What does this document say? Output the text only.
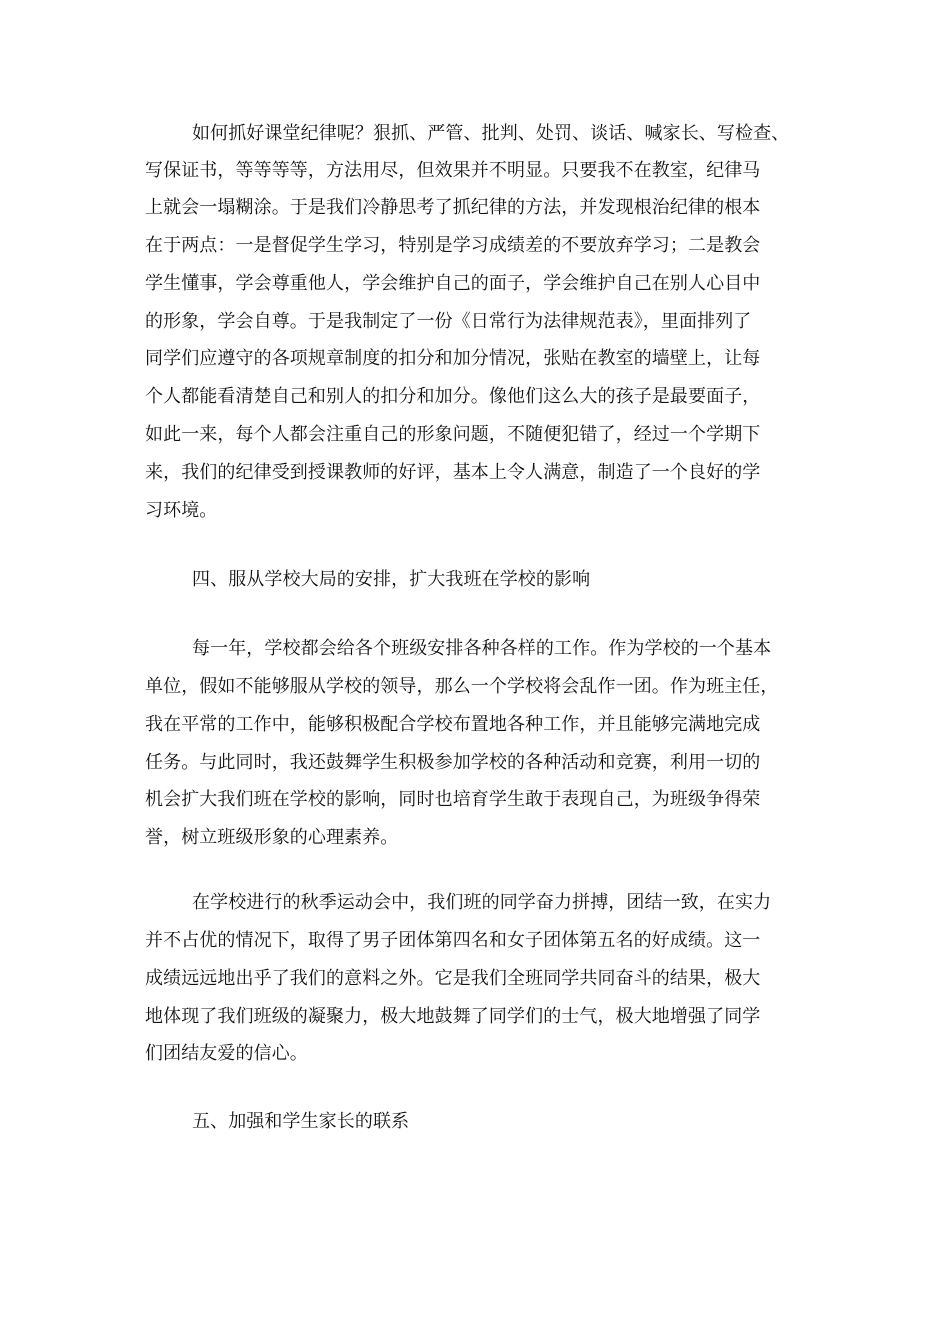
如何抓好课堂纪律呢？狠抓、严管、批判、处罚、谈话、喊家长、写检查、

写保证书，等等等等，方法用尽，但效果并不明显。只要我不在教室，纪律马

上就会一塌糊涂。于是我们冷静思考了抓纪律的方法，并发现根治纪律的根本

在于两点：一是督促学生学习，特别是学习成绩差的不要放弃学习；二是教会

学生懂事，学会尊重他人，学会维护自己的面子，学会维护自己在别人心目中

的形象，学会自尊。于是我制定了一份《日常行为法律规范表》，里面排列了

同学们应遵守的各项规章制度的扣分和加分情况，张贴在教室的墙壁上，让每

个人都能看清楚自己和别人的扣分和加分。像他们这么大的孩子是最要面子，

如此一来，每个人都会注重自己的形象问题，不随便犯错了，经过一个学期下

来，我们的纪律受到授课教师的好评，基本上令人满意，制造了一个良好的学

习环境。

四、服从学校大局的安排，扩大我班在学校的影响

每一年，学校都会给各个班级安排各种各样的工作。作为学校的一个基本

单位，假如不能够服从学校的领导，那么一个学校将会乱作一团。作为班主任，

我在平常的工作中，能够积极配合学校布置地各种工作，并且能够完满地完成

任务。与此同时，我还鼓舞学生积极参加学校的各种活动和竞赛，利用一切的

机会扩大我们班在学校的影响，同时也培育学生敢于表现自己，为班级争得荣

誉，树立班级形象的心理素养。

在学校进行的秋季运动会中，我们班的同学奋力拼搏，团结一致，在实力

并不占优的情况下，取得了男子团体第四名和女子团体第五名的好成绩。这一

成绩远远地出乎了我们的意料之外。它是我们全班同学共同奋斗的结果，极大

地体现了我们班级的凝聚力，极大地鼓舞了同学们的士气，极大地增强了同学

们团结友爱的信心。

五、加强和学生家长的联系
